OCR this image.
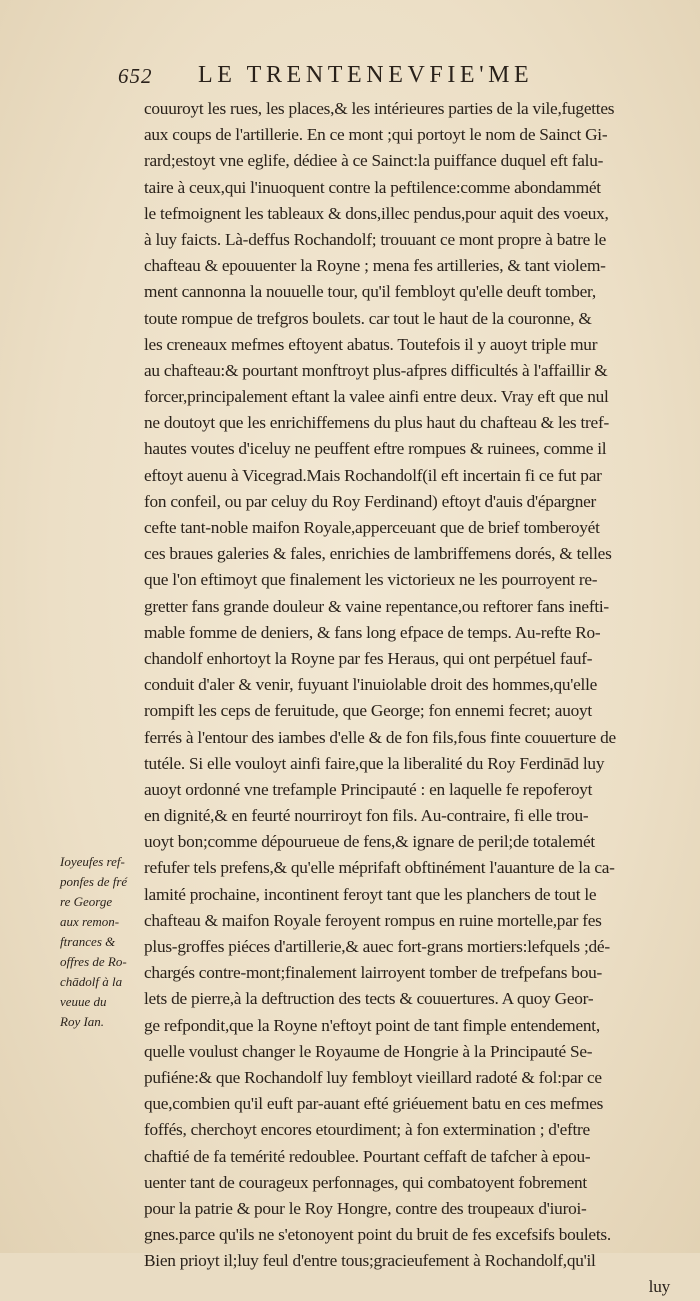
652 LE TRENTENEVFIE'ME
Ioyeufes ref-
ponfes de fré
re George
aux remon-
ftrances &
offres de Ro-
chādolf à la
veuue du
Roy Ian.
couuroyt les rues, les places,& les intérieures parties de la vile,fugettes
aux coups de l'artillerie. En ce mont ;qui portoyt le nom de Sainct Gi-
rard;estoyt vne eglife, dédiee à ce Sainct:la puiffance duquel eft falu-
taire à ceux,qui l'inuoquent contre la peftilence:comme abondammét
le tefmoignent les tableaux & dons,illec pendus,pour aquit des voeux,
à luy faicts. Là-deffus Rochandolf; trouuant ce mont propre à batre le
chafteau & epouuenter la Royne ; mena fes artilleries, & tant violem-
ment cannonna la nouuelle tour, qu'il fembloyt qu'elle deuft tomber,
toute rompue de trefgros boulets. car tout le haut de la couronne, &
les creneaux mefmes eftoyent abatus. Toutefois il y auoyt triple mur
au chafteau:& pourtant monftroyt plus-afpres difficultés à l'affaillir &
forcer,principalement eftant la valee ainfi entre deux. Vray eft que nul
ne doutoyt que les enrichiffemens du plus haut du chafteau & les tref-
hautes voutes d'iceluy ne peuffent eftre rompues & ruinees, comme il
eftoyt auenu à Vicegrad.Mais Rochandolf(il eft incertain fi ce fut par
fon confeil, ou par celuy du Roy Ferdinand) eftoyt d'auis d'épargner
cefte tant-noble maifon Royale,apperceuant que de brief tomberoyét
ces braues galeries & fales, enrichies de lambriffemens dorés, & telles
que l'on eftimoyt que finalement les victorieux ne les pourroyent re-
gretter fans grande douleur & vaine repentance,ou reftorer fans inefti-
mable fomme de deniers, & fans long efpace de temps. Au-refte Ro-
chandolf enhortoyt la Royne par fes Heraus, qui ont perpétuel fauf-
conduit d'aler & venir, fuyuant l'inuiolable droit des hommes,qu'elle
rompift les ceps de feruitude, que George; fon ennemi fecret; auoyt
ferrés à l'entour des iambes d'elle & de fon fils,fous finte couuerture de
tutéle. Si elle vouloyt ainfi faire,que la liberalité du Roy Ferdinād luy
auoyt ordonné vne trefample Principauté : en laquelle fe repoferoyt
en dignité,& en feurté nourriroyt fon fils. Au-contraire, fi elle trou-
uoyt bon;comme dépourueue de fens,& ignare de peril;de totalemét
refufer tels prefens,& qu'elle méprifaft obftinément l'auanture de la ca-
lamité prochaine, incontinent feroyt tant que les planchers de tout le
chafteau & maifon Royale feroyent rompus en ruine mortelle,par fes
plus-groffes piéces d'artillerie,& auec fort-grans mortiers:lefquels ;dé-
chargés contre-mont;finalement lairroyent tomber de trefpefans bou-
lets de pierre,à la deftruction des tects & couuertures. A quoy Geor-
ge refpondit,que la Royne n'eftoyt point de tant fimple entendement,
quelle voulust changer le Royaume de Hongrie à la Principauté Se-
pufiéne:& que Rochandolf luy fembloyt vieillard radoté & fol:par ce
que,combien qu'il euft par-auant efté griéuement batu en ces mefmes
foffés, cherchoyt encores etourdiment; à fon extermination ; d'eftre
chaftié de fa temérité redoublee. Pourtant ceffaft de tafcher à epou-
uenter tant de courageux perfonnages, qui combatoyent fobrement
pour la patrie & pour le Roy Hongre, contre des troupeaux d'iuroi-
gnes.parce qu'ils ne s'etonoyent point du bruit de fes excefsifs boulets.
Bien prioyt il;luy feul d'entre tous;gracieufement à Rochandolf,qu'il
luy
